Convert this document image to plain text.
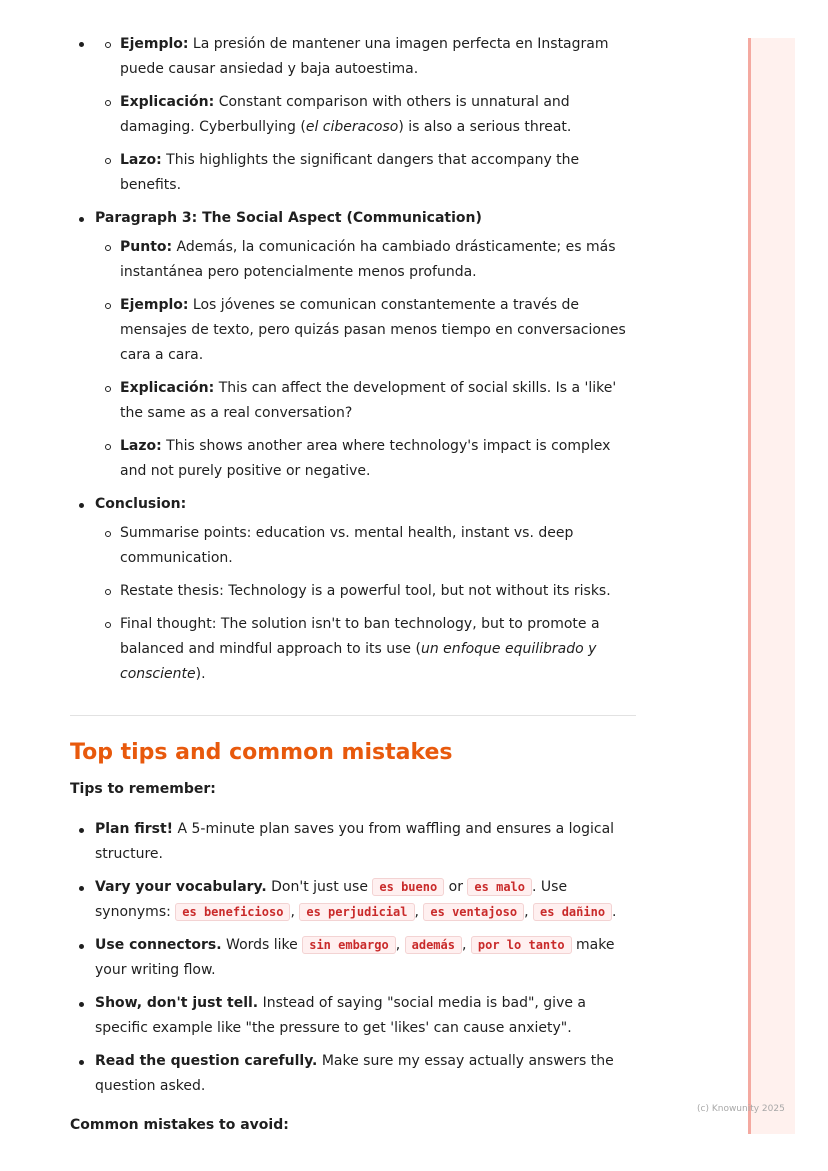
Ejemplo: La presión de mantener una imagen perfecta en Instagram puede causar ansiedad y baja autoestima.
Explicación: Constant comparison with others is unnatural and damaging. Cyberbullying (el ciberacoso) is also a serious threat.
Lazo: This highlights the significant dangers that accompany the benefits.
Paragraph 3: The Social Aspect (Communication)
Punto: Además, la comunicación ha cambiado drásticamente; es más instantánea pero potencialmente menos profunda.
Ejemplo: Los jóvenes se comunican constantemente a través de mensajes de texto, pero quizás pasan menos tiempo en conversaciones cara a cara.
Explicación: This can affect the development of social skills. Is a 'like' the same as a real conversation?
Lazo: This shows another area where technology's impact is complex and not purely positive or negative.
Conclusion:
Summarise points: education vs. mental health, instant vs. deep communication.
Restate thesis: Technology is a powerful tool, but not without its risks.
Final thought: The solution isn't to ban technology, but to promote a balanced and mindful approach to its use (un enfoque equilibrado y consciente).
Top tips and common mistakes
Tips to remember:
Plan first! A 5-minute plan saves you from waffling and ensures a logical structure.
Vary your vocabulary. Don't just use es bueno or es malo . Use synonyms: es beneficioso , es perjudicial , es ventajoso , es dañino .
Use connectors. Words like sin embargo , además , por lo tanto make your writing flow.
Show, don't just tell. Instead of saying "social media is bad", give a specific example like "the pressure to get 'likes' can cause anxiety".
Read the question carefully. Make sure my essay actually answers the question asked.
Common mistakes to avoid:
(c) Knowunity 2025
